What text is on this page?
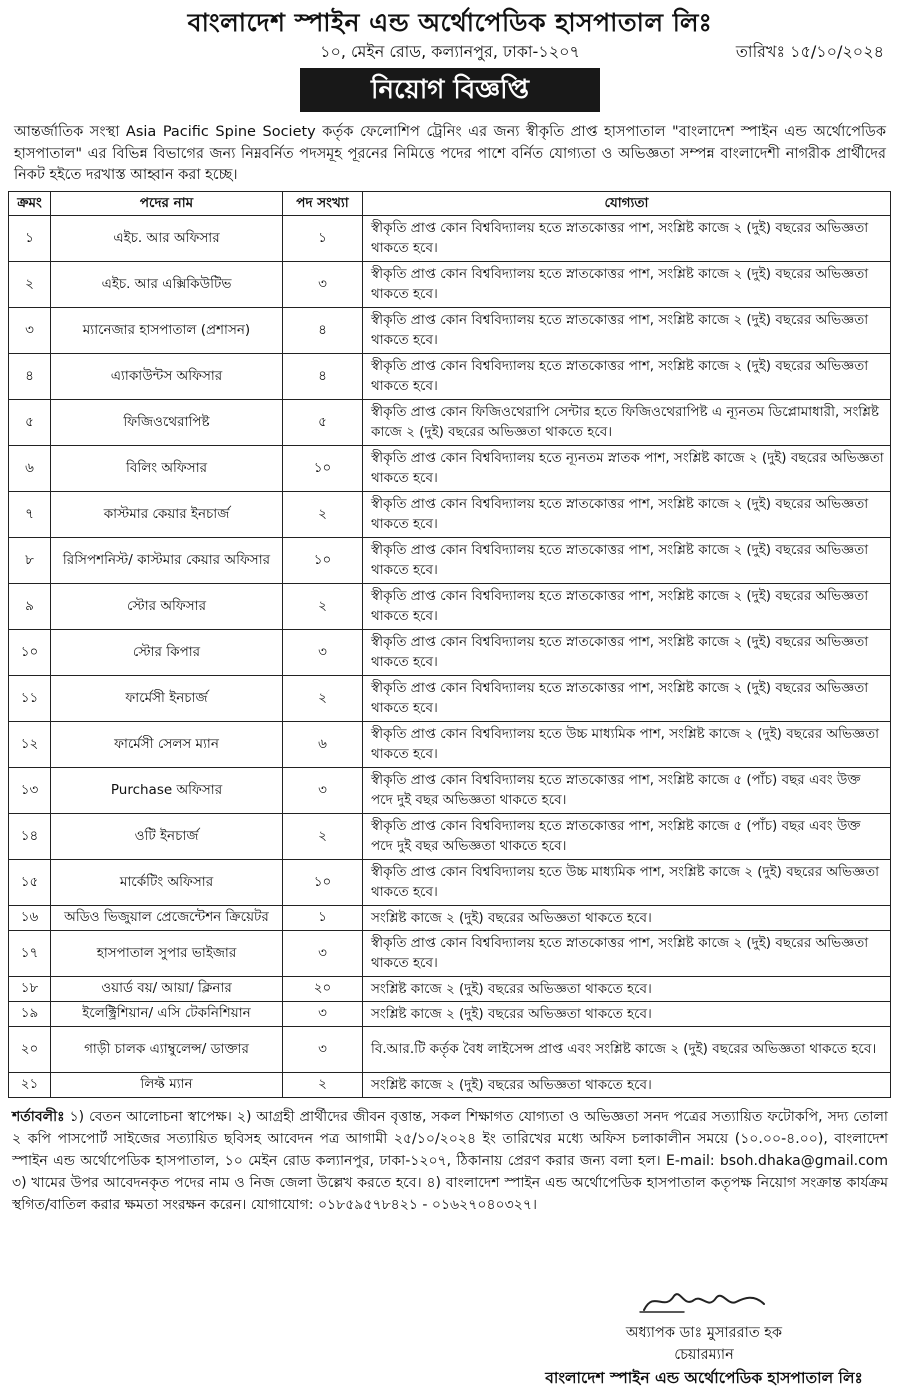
বাংলাদেশ স্পাইন এন্ড অর্থোপেডিক হাসপাতাল লিঃ
১০, মেইন রোড, কল্যানপুর, ঢাকা-১২০৭	তারিখঃ ১৫/১০/২০২৪
নিয়োগ বিজ্ঞপ্তি

আন্তর্জাতিক সংস্থা Asia Pacific Spine Society কর্তৃক ফেলোশিপ ট্রেনিং এর জন্য স্বীকৃতি প্রাপ্ত হাসপাতাল "বাংলাদেশ স্পাইন এন্ড অর্থোপেডিক হাসপাতাল" এর বিভিন্ন বিভাগের জন্য নিম্নবর্নিত পদসমূহ পূরনের নিমিত্তে পদের পাশে বর্নিত যোগ্যতা ও অভিজ্ঞতা সম্পন্ন বাংলাদেশী নাগরীক প্রার্থীদের নিকট হইতে দরখাস্ত আহ্বান করা হচ্ছে।

ক্রমং	পদের নাম	পদ সংখ্যা	যোগ্যতা
১	এইচ. আর অফিসার	১	স্বীকৃতি প্রাপ্ত কোন বিশ্ববিদ্যালয় হতে স্নাতকোত্তর পাশ, সংশ্লিষ্ট কাজে ২ (দুই) বছরের অভিজ্ঞতা থাকতে হবে।
২	এইচ. আর এক্সিকিউটিভ	৩	স্বীকৃতি প্রাপ্ত কোন বিশ্ববিদ্যালয় হতে স্নাতকোত্তর পাশ, সংশ্লিষ্ট কাজে ২ (দুই) বছরের অভিজ্ঞতা থাকতে হবে।
৩	ম্যানেজার হাসপাতাল (প্রশাসন)	৪	স্বীকৃতি প্রাপ্ত কোন বিশ্ববিদ্যালয় হতে স্নাতকোত্তর পাশ, সংশ্লিষ্ট কাজে ২ (দুই) বছরের অভিজ্ঞতা থাকতে হবে।
৪	এ্যাকাউন্টস অফিসার	৪	স্বীকৃতি প্রাপ্ত কোন বিশ্ববিদ্যালয় হতে স্নাতকোত্তর পাশ, সংশ্লিষ্ট কাজে ২ (দুই) বছরের অভিজ্ঞতা থাকতে হবে।
৫	ফিজিওথেরাপিষ্ট	৫	স্বীকৃতি প্রাপ্ত কোন ফিজিওথেরাপি সেন্টার হতে ফিজিওথেরাপিষ্ট এ ন্যূনতম ডিপ্লোমাধারী, সংশ্লিষ্ট কাজে ২ (দুই) বছরের অভিজ্ঞতা থাকতে হবে।
৬	বিলিং অফিসার	১০	স্বীকৃতি প্রাপ্ত কোন বিশ্ববিদ্যালয় হতে ন্যূনতম স্নাতক পাশ, সংশ্লিষ্ট কাজে ২ (দুই) বছরের অভিজ্ঞতা থাকতে হবে।
৭	কাস্টমার কেয়ার ইনচার্জ	২	স্বীকৃতি প্রাপ্ত কোন বিশ্ববিদ্যালয় হতে স্নাতকোত্তর পাশ, সংশ্লিষ্ট কাজে ২ (দুই) বছরের অভিজ্ঞতা থাকতে হবে।
৮	রিসিপশনিস্ট/ কাস্টমার কেয়ার অফিসার	১০	স্বীকৃতি প্রাপ্ত কোন বিশ্ববিদ্যালয় হতে স্নাতকোত্তর পাশ, সংশ্লিষ্ট কাজে ২ (দুই) বছরের অভিজ্ঞতা থাকতে হবে।
৯	স্টোর অফিসার	২	স্বীকৃতি প্রাপ্ত কোন বিশ্ববিদ্যালয় হতে স্নাতকোত্তর পাশ, সংশ্লিষ্ট কাজে ২ (দুই) বছরের অভিজ্ঞতা থাকতে হবে।
১০	স্টোর কিপার	৩	স্বীকৃতি প্রাপ্ত কোন বিশ্ববিদ্যালয় হতে স্নাতকোত্তর পাশ, সংশ্লিষ্ট কাজে ২ (দুই) বছরের অভিজ্ঞতা থাকতে হবে।
১১	ফার্মেসী ইনচার্জ	২	স্বীকৃতি প্রাপ্ত কোন বিশ্ববিদ্যালয় হতে স্নাতকোত্তর পাশ, সংশ্লিষ্ট কাজে ২ (দুই) বছরের অভিজ্ঞতা থাকতে হবে।
১২	ফার্মেসী সেলস ম্যান	৬	স্বীকৃতি প্রাপ্ত কোন বিশ্ববিদ্যালয় হতে উচ্চ মাধ্যমিক পাশ, সংশ্লিষ্ট কাজে ২ (দুই) বছরের অভিজ্ঞতা থাকতে হবে।
১৩	Purchase অফিসার	৩	স্বীকৃতি প্রাপ্ত কোন বিশ্ববিদ্যালয় হতে স্নাতকোত্তর পাশ, সংশ্লিষ্ট কাজে ৫ (পাঁচ) বছর এবং উক্ত পদে দুই বছর অভিজ্ঞতা থাকতে হবে।
১৪	ওটি ইনচার্জ	২	স্বীকৃতি প্রাপ্ত কোন বিশ্ববিদ্যালয় হতে স্নাতকোত্তর পাশ, সংশ্লিষ্ট কাজে ৫ (পাঁচ) বছর এবং উক্ত পদে দুই বছর অভিজ্ঞতা থাকতে হবে।
১৫	মার্কেটিং অফিসার	১০	স্বীকৃতি প্রাপ্ত কোন বিশ্ববিদ্যালয় হতে উচ্চ মাধ্যমিক পাশ, সংশ্লিষ্ট কাজে ২ (দুই) বছরের অভিজ্ঞতা থাকতে হবে।
১৬	অডিও ভিজুয়াল প্রেজেন্টেশন ক্রিয়েটর	১	সংশ্লিষ্ট কাজে ২ (দুই) বছরের অভিজ্ঞতা থাকতে হবে।
১৭	হাসপাতাল সুপার ভাইজার	৩	স্বীকৃতি প্রাপ্ত কোন বিশ্ববিদ্যালয় হতে স্নাতকোত্তর পাশ, সংশ্লিষ্ট কাজে ২ (দুই) বছরের অভিজ্ঞতা থাকতে হবে।
১৮	ওয়ার্ড বয়/ আয়া/ ক্লিনার	২০	সংশ্লিষ্ট কাজে ২ (দুই) বছরের অভিজ্ঞতা থাকতে হবে।
১৯	ইলেক্ট্রিশিয়ান/ এসি টেকনিশিয়ান	৩	সংশ্লিষ্ট কাজে ২ (দুই) বছরের অভিজ্ঞতা থাকতে হবে।
২০	গাড়ী চালক এ্যাম্বুলেন্স/ ডাক্তার	৩	বি.আর.টি কর্তৃক বৈধ লাইসেন্স প্রাপ্ত এবং সংশ্লিষ্ট কাজে ২ (দুই) বছরের অভিজ্ঞতা থাকতে হবে।
২১	লিফ্ট ম্যান	২	সংশ্লিষ্ট কাজে ২ (দুই) বছরের অভিজ্ঞতা থাকতে হবে।

শর্তাবলীঃ ১) বেতন আলোচনা স্বাপেক্ষ। ২) আগ্রহী প্রার্থীদের জীবন বৃত্তান্ত, সকল শিক্ষাগত যোগ্যতা ও অভিজ্ঞতা সনদ পত্রের সত্যায়িত ফটোকপি, সদ্য তোলা ২ কপি পাসপোর্ট সাইজের সত্যায়িত ছবিসহ আবেদন পত্র আগামী ২৫/১০/২০২৪ ইং তারিখের মধ্যে অফিস চলাকালীন সময়ে (১০.০০-৪.০০), বাংলাদেশ স্পাইন এন্ড অর্থোপেডিক হাসপাতাল, ১০ মেইন রোড কল্যানপুর, ঢাকা-১২০৭, ঠিকানায় প্রেরণ করার জন্য বলা হল। E-mail: bsoh.dhaka@gmail.com ৩) খামের উপর আবেদনকৃত পদের নাম ও নিজ জেলা উল্লেখ করতে হবে। ৪) বাংলাদেশ স্পাইন এন্ড অর্থোপেডিক হাসপাতাল কতৃপক্ষ নিয়োগ সংক্রান্ত কার্যক্রম স্থগিত/বাতিল করার ক্ষমতা সংরক্ষন করেন। যোগাযোগ: ০১৮৫৯৫৭৮৪২১ - ০১৬২৭০৪০৩২৭।

অধ্যাপক ডাঃ মুসাররাত হক
চেয়ারম্যান
বাংলাদেশ স্পাইন এন্ড অর্থোপেডিক হাসপাতাল লিঃ
